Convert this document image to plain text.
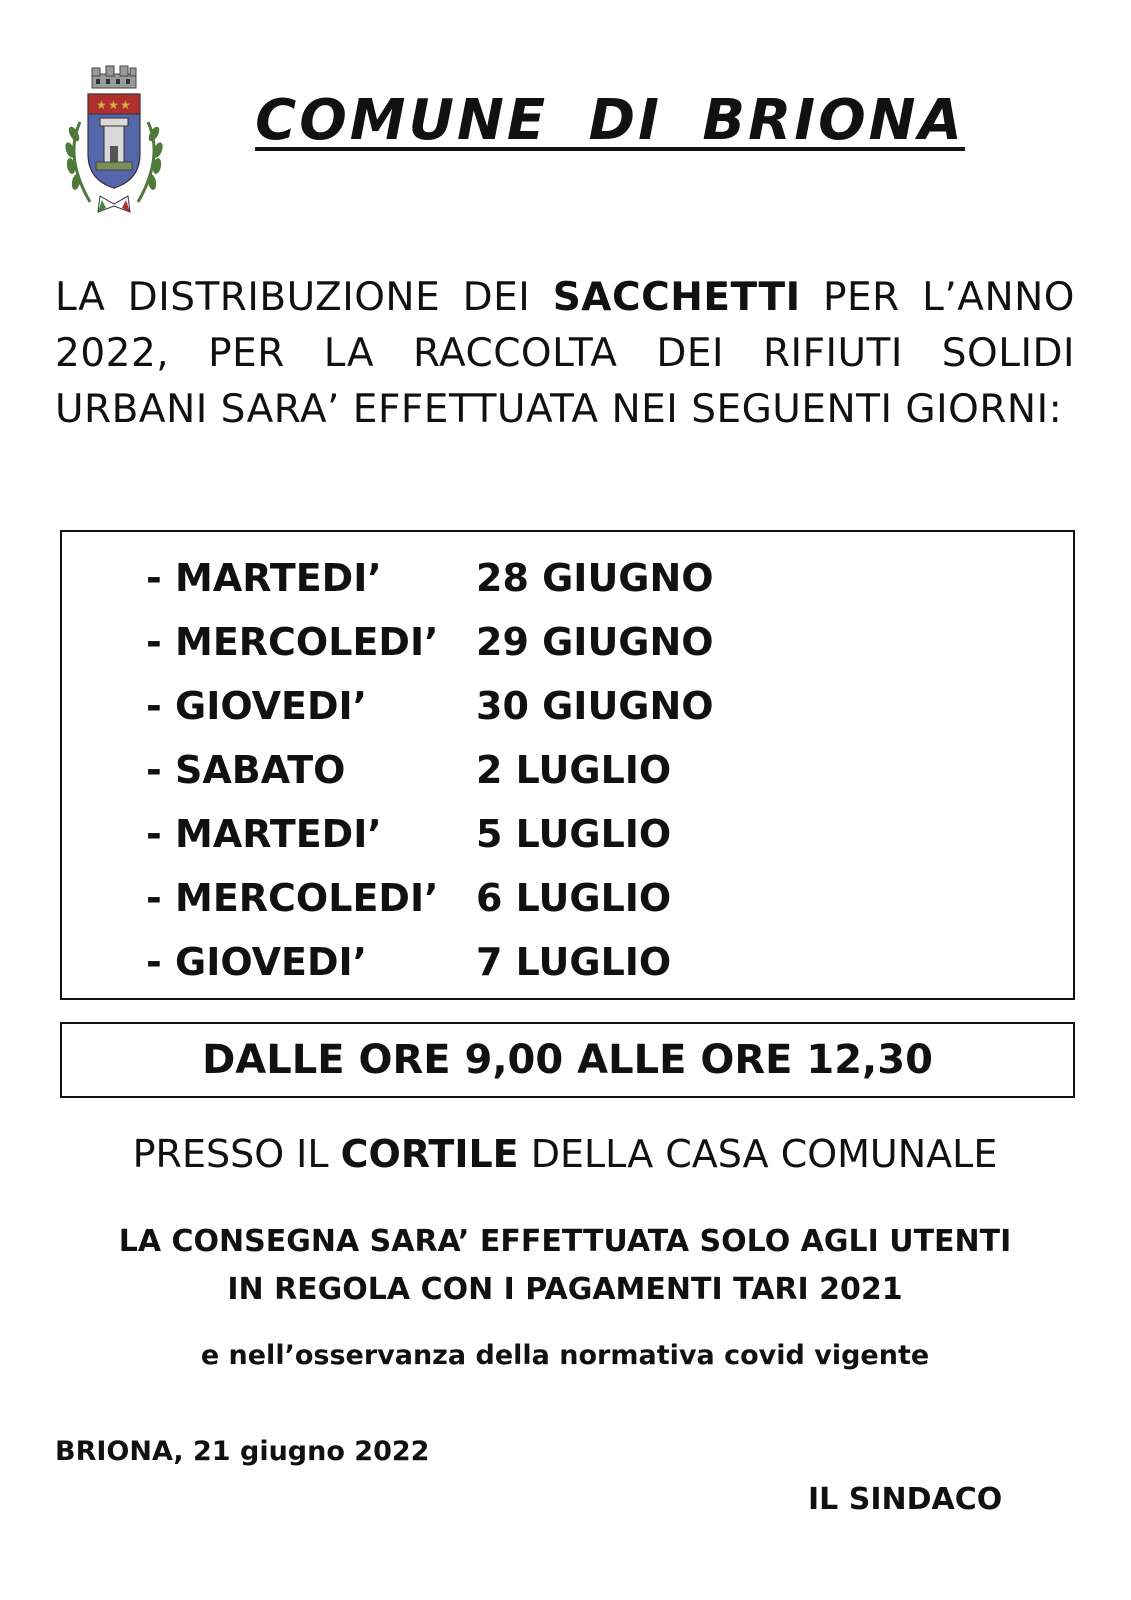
★ ★ ★	COMUNE DI BRIONA

LA DISTRIBUZIONE DEI SACCHETTI PER L’ANNO 2022, PER LA RACCOLTA DEI RIFIUTI SOLIDI URBANI SARA’ EFFETTUATA NEI SEGUENTI GIORNI:

- MARTEDI’	28 GIUGNO
- MERCOLEDI’ 29 GIUGNO
- GIOVEDI’	30 GIUGNO
- SABATO	2 LUGLIO
- MARTEDI’	5 LUGLIO
- MERCOLEDI’ 6 LUGLIO
- GIOVEDI’	7 LUGLIO
DALLE ORE 9,00 ALLE ORE 12,30

PRESSO IL CORTILE DELLA CASA COMUNALE

LA CONSEGNA SARA’ EFFETTUATA SOLO AGLI UTENTI
IN REGOLA CON I PAGAMENTI TARI 2021

e nell’osservanza della normativa covid vigente

BRIONA, 21 giugno 2022

IL SINDACO
